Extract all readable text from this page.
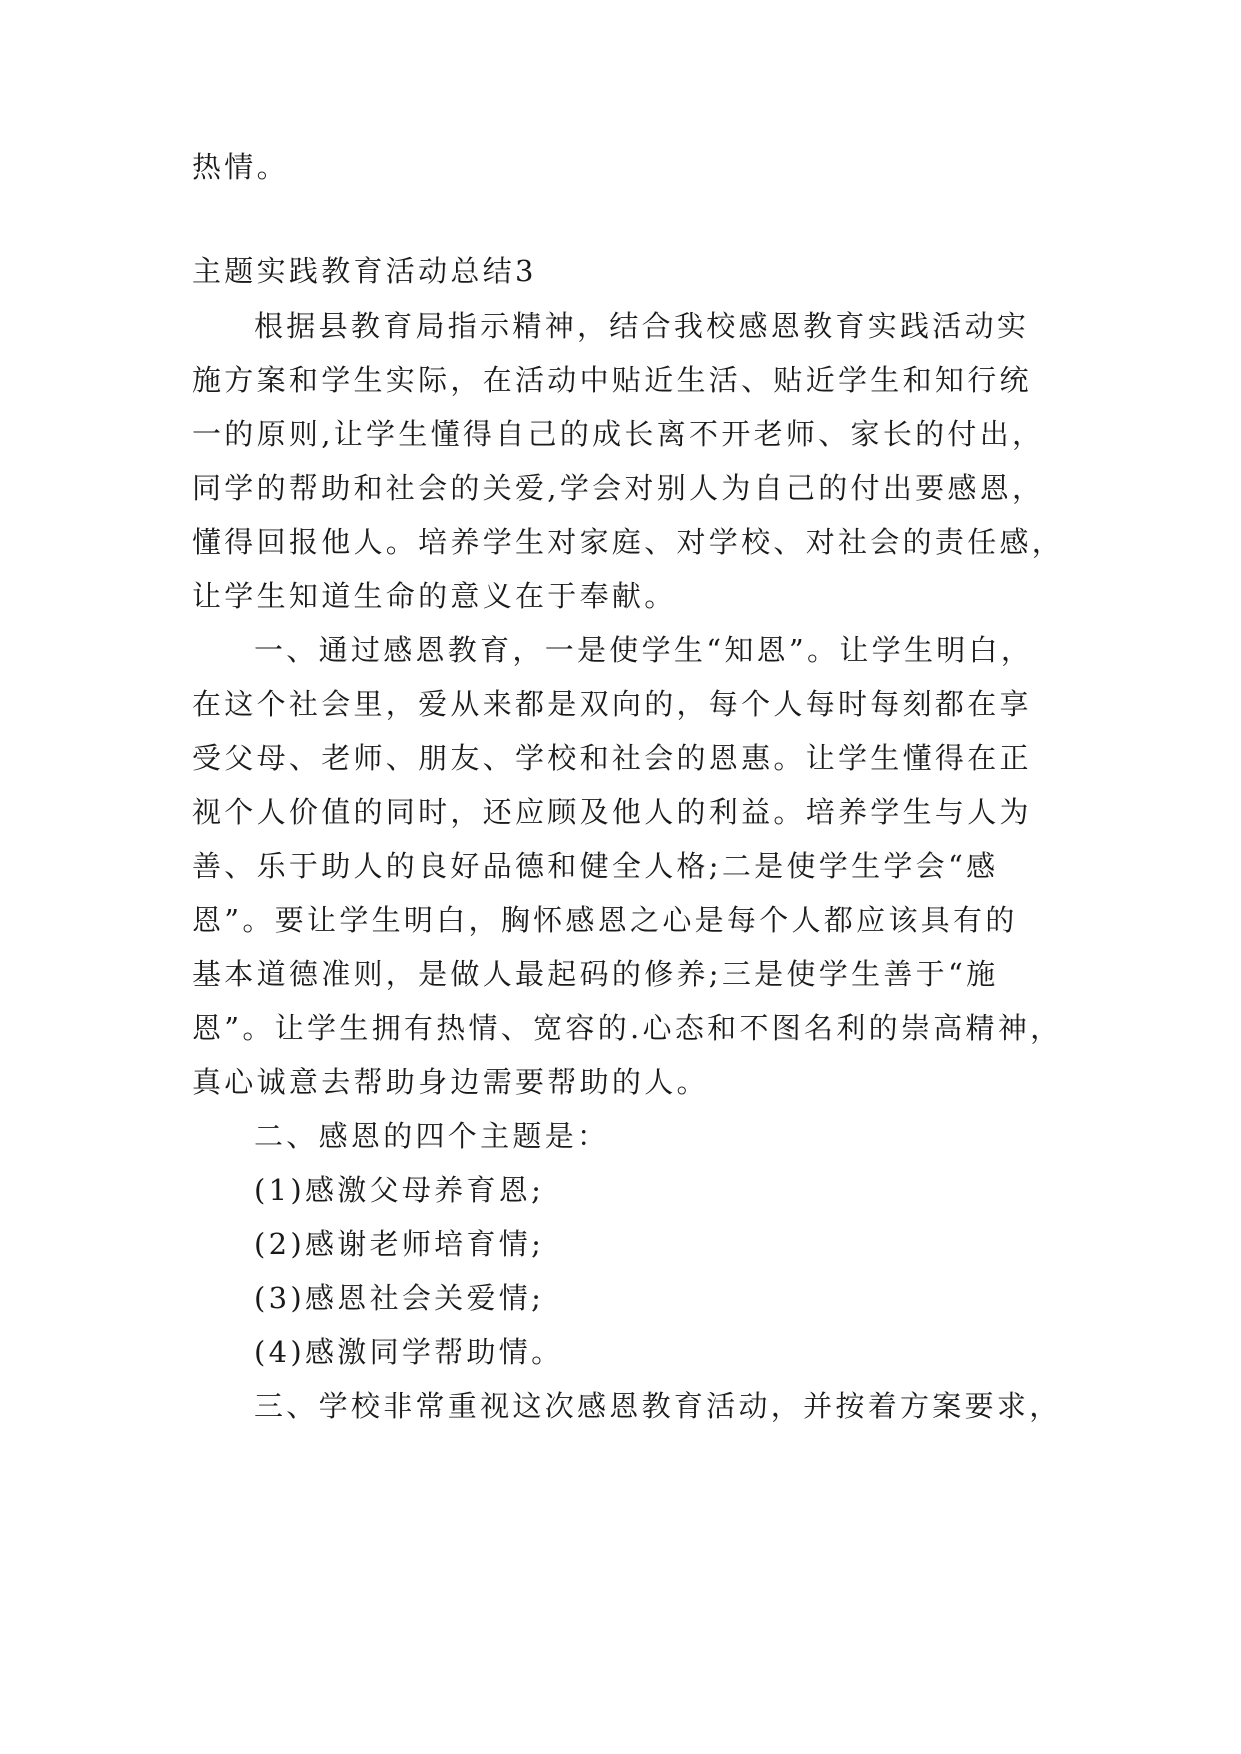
热情。
主题实践教育活动总结3
根据县教育局指示精神，结合我校感恩教育实践活动实
施方案和学生实际，在活动中贴近生活、贴近学生和知行统
一的原则,让学生懂得自己的成长离不开老师、家长的付出，
同学的帮助和社会的关爱,学会对别人为自己的付出要感恩，
懂得回报他人。培养学生对家庭、对学校、对社会的责任感，
让学生知道生命的意义在于奉献。
一、通过感恩教育，一是使学生“知恩”。让学生明白，
在这个社会里，爱从来都是双向的，每个人每时每刻都在享
受父母、老师、朋友、学校和社会的恩惠。让学生懂得在正
视个人价值的同时，还应顾及他人的利益。培养学生与人为
善、乐于助人的良好品德和健全人格;二是使学生学会“感
恩”。要让学生明白，胸怀感恩之心是每个人都应该具有的
基本道德准则，是做人最起码的修养;三是使学生善于“施
恩”。让学生拥有热情、宽容的.心态和不图名利的崇高精神，
真心诚意去帮助身边需要帮助的人。
二、感恩的四个主题是：
(1)感激父母养育恩;
(2)感谢老师培育情;
(3)感恩社会关爱情;
(4)感激同学帮助情。
三、学校非常重视这次感恩教育活动，并按着方案要求，
